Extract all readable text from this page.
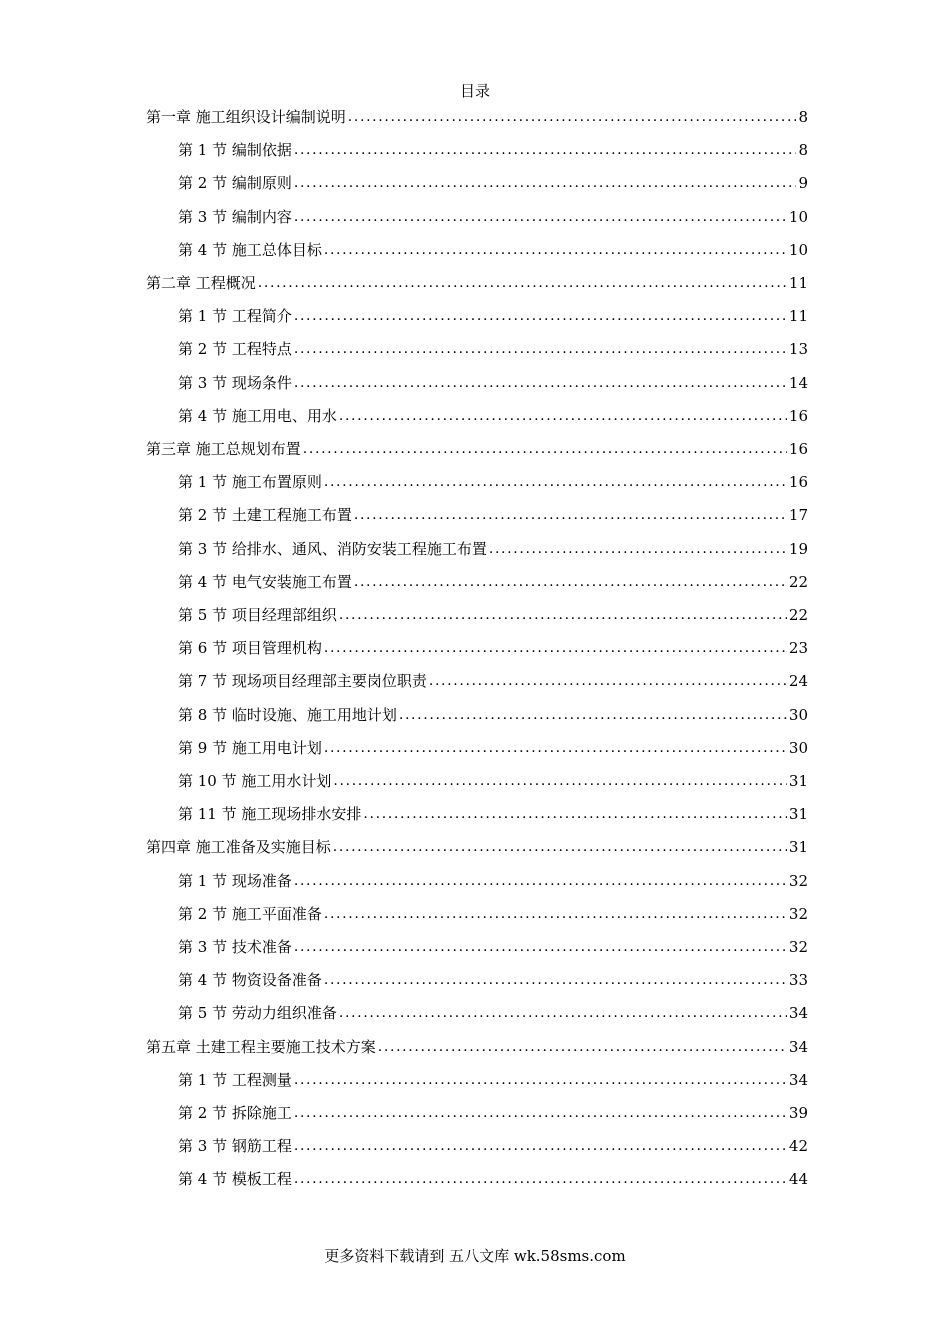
目录
第一章 施工组织设计编制说明 . . .	8
第 1 节 编制依据 . . .	8
第 2 节 编制原则 . . .	9
第 3 节 编制内容 . . .	10
第 4 节 施工总体目标 . . .	10
第二章 工程概况 . . .	11
第 1 节 工程简介 . . .	11
第 2 节 工程特点 . . .	13
第 3 节 现场条件 . . .	14
第 4 节 施工用电、用水 . . .	16
第三章 施工总规划布置 . . .	16
第 1 节 施工布置原则 . . .	16
第 2 节 土建工程施工布置 . . .	17
第 3 节 给排水、通风、消防安装工程施工布置 . . .	19
第 4 节 电气安装施工布置 . . .	22
第 5 节 项目经理部组织 . . .	22
第 6 节 项目管理机构 . . .	23
第 7 节 现场项目经理部主要岗位职责 . . .	24
第 8 节 临时设施、施工用地计划 . . .	30
第 9 节 施工用电计划 . . .	30
第 10 节 施工用水计划 . . .	31
第 11 节 施工现场排水安排 . . .	31
第四章 施工准备及实施目标 . . .	31
第 1 节 现场准备 . . .	32
第 2 节 施工平面准备 . . .	32
第 3 节 技术准备 . . .	32
第 4 节 物资设备准备 . . .	33
第 5 节 劳动力组织准备 . . .	34
第五章 土建工程主要施工技术方案 . . .	34
第 1 节 工程测量 . . .	34
第 2 节 拆除施工 . . .	39
第 3 节 钢筋工程 . . .	42
第 4 节 模板工程 . . .	44
更多资料下载请到 五八文库 wk.58sms.com
